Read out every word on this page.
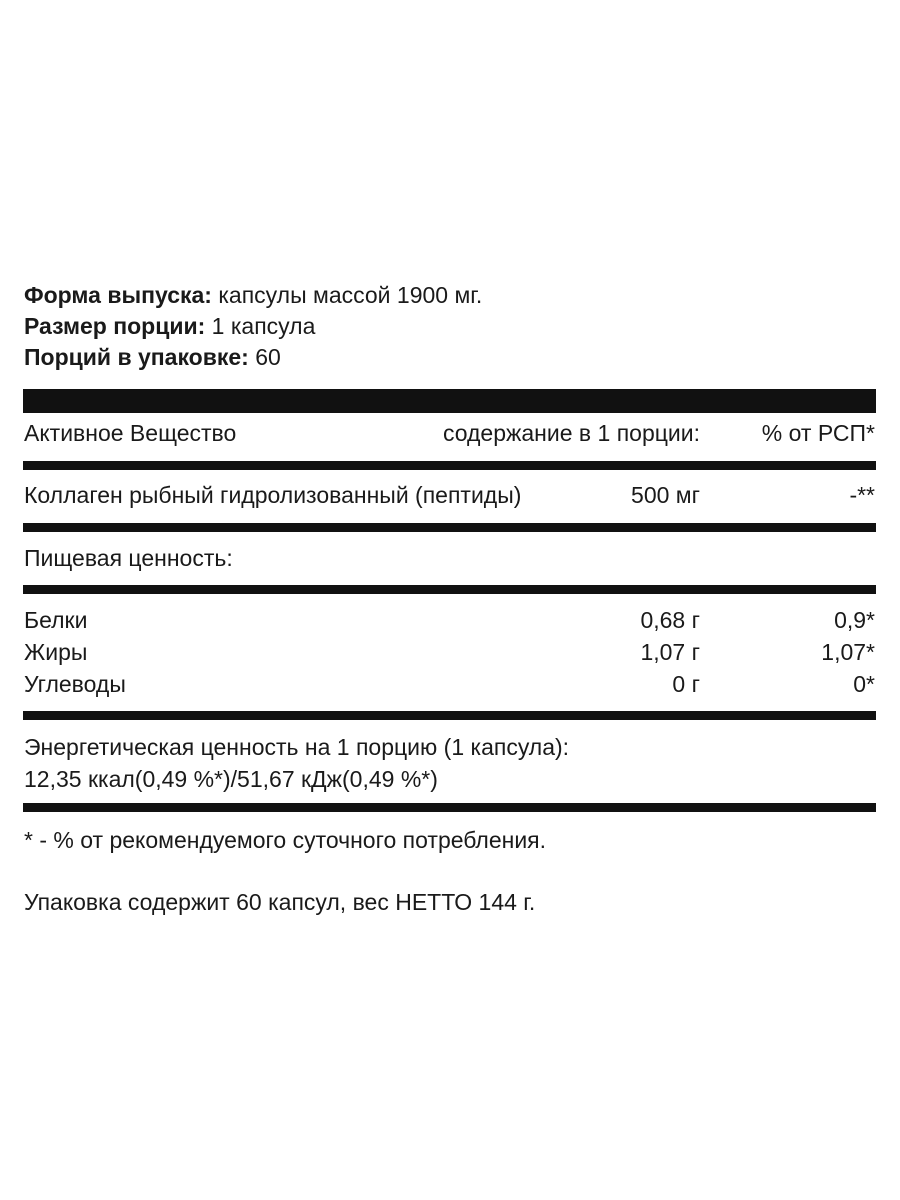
Форма выпуска: капсулы массой 1900 мг.
Размер порции: 1 капсула
Порций в упаковке: 60
Активное Вещество	содержание в 1 порции:	% от РСП*
Коллаген рыбный гидролизованный (пептиды)	500 мг	-**
Пищевая ценность:
Белки	0,68 г	0,9*
Жиры	1,07 г	1,07*
Углеводы	0 г	0*
Энергетическая ценность на 1 порцию (1 капсула):
12,35 ккал(0,49 %*)/51,67 кДж(0,49 %*)
* - % от рекомендуемого суточного потребления.
Упаковка содержит 60 капсул, вес НЕТТО 144 г.
